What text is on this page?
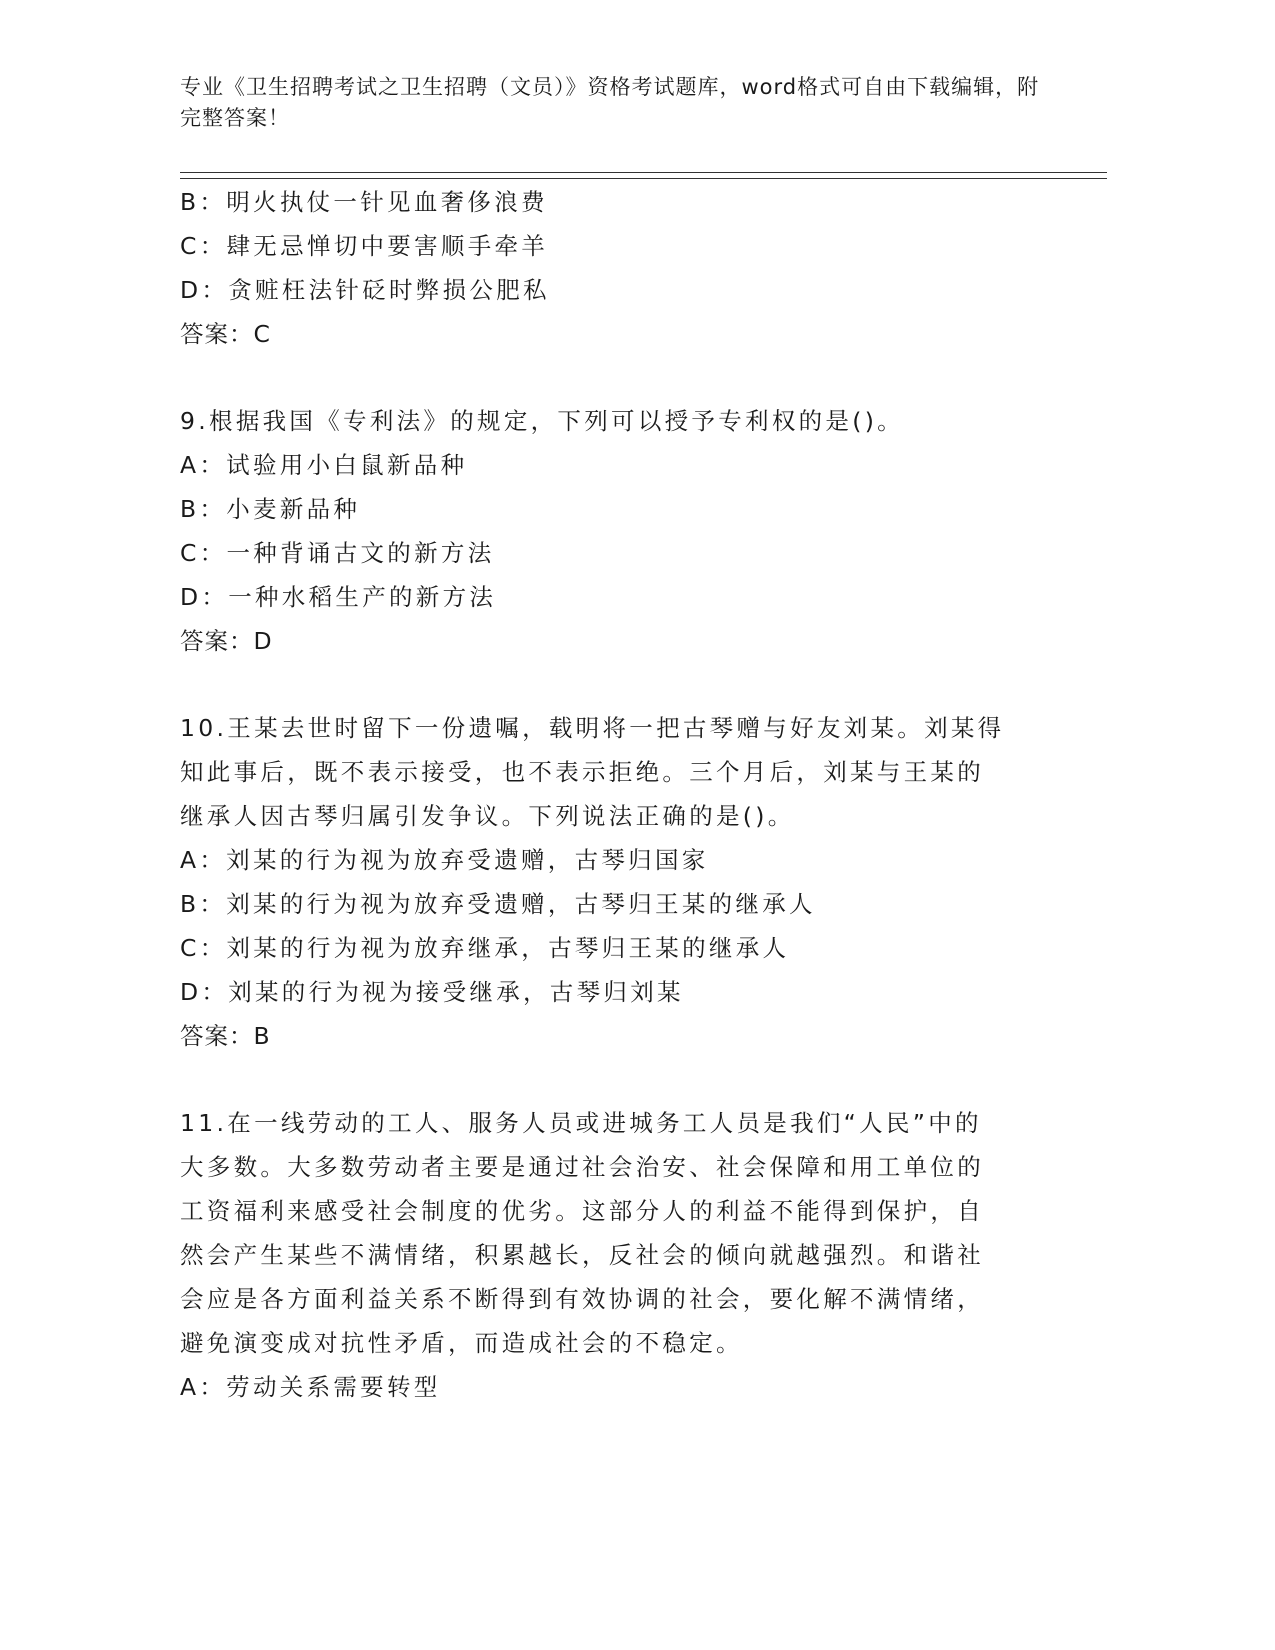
专业《卫生招聘考试之卫生招聘（文员）》资格考试题库，word格式可自由下载编辑，附完整答案！
B：明火执仗一针见血奢侈浪费
C：肆无忌惮切中要害顺手牵羊
D：贪赃枉法针砭时弊损公肥私
答案：C
9.根据我国《专利法》的规定，下列可以授予专利权的是()。
A：试验用小白鼠新品种
B：小麦新品种
C：一种背诵古文的新方法
D：一种水稻生产的新方法
答案：D
10.王某去世时留下一份遗嘱，载明将一把古琴赠与好友刘某。刘某得
知此事后，既不表示接受，也不表示拒绝。三个月后，刘某与王某的
继承人因古琴归属引发争议。下列说法正确的是()。
A：刘某的行为视为放弃受遗赠，古琴归国家
B：刘某的行为视为放弃受遗赠，古琴归王某的继承人
C：刘某的行为视为放弃继承，古琴归王某的继承人
D：刘某的行为视为接受继承，古琴归刘某
答案：B
11.在一线劳动的工人、服务人员或进城务工人员是我们“人民”中的
大多数。大多数劳动者主要是通过社会治安、社会保障和用工单位的
工资福利来感受社会制度的优劣。这部分人的利益不能得到保护，自
然会产生某些不满情绪，积累越长，反社会的倾向就越强烈。和谐社
会应是各方面利益关系不断得到有效协调的社会，要化解不满情绪，
避免演变成对抗性矛盾，而造成社会的不稳定。
A：劳动关系需要转型
